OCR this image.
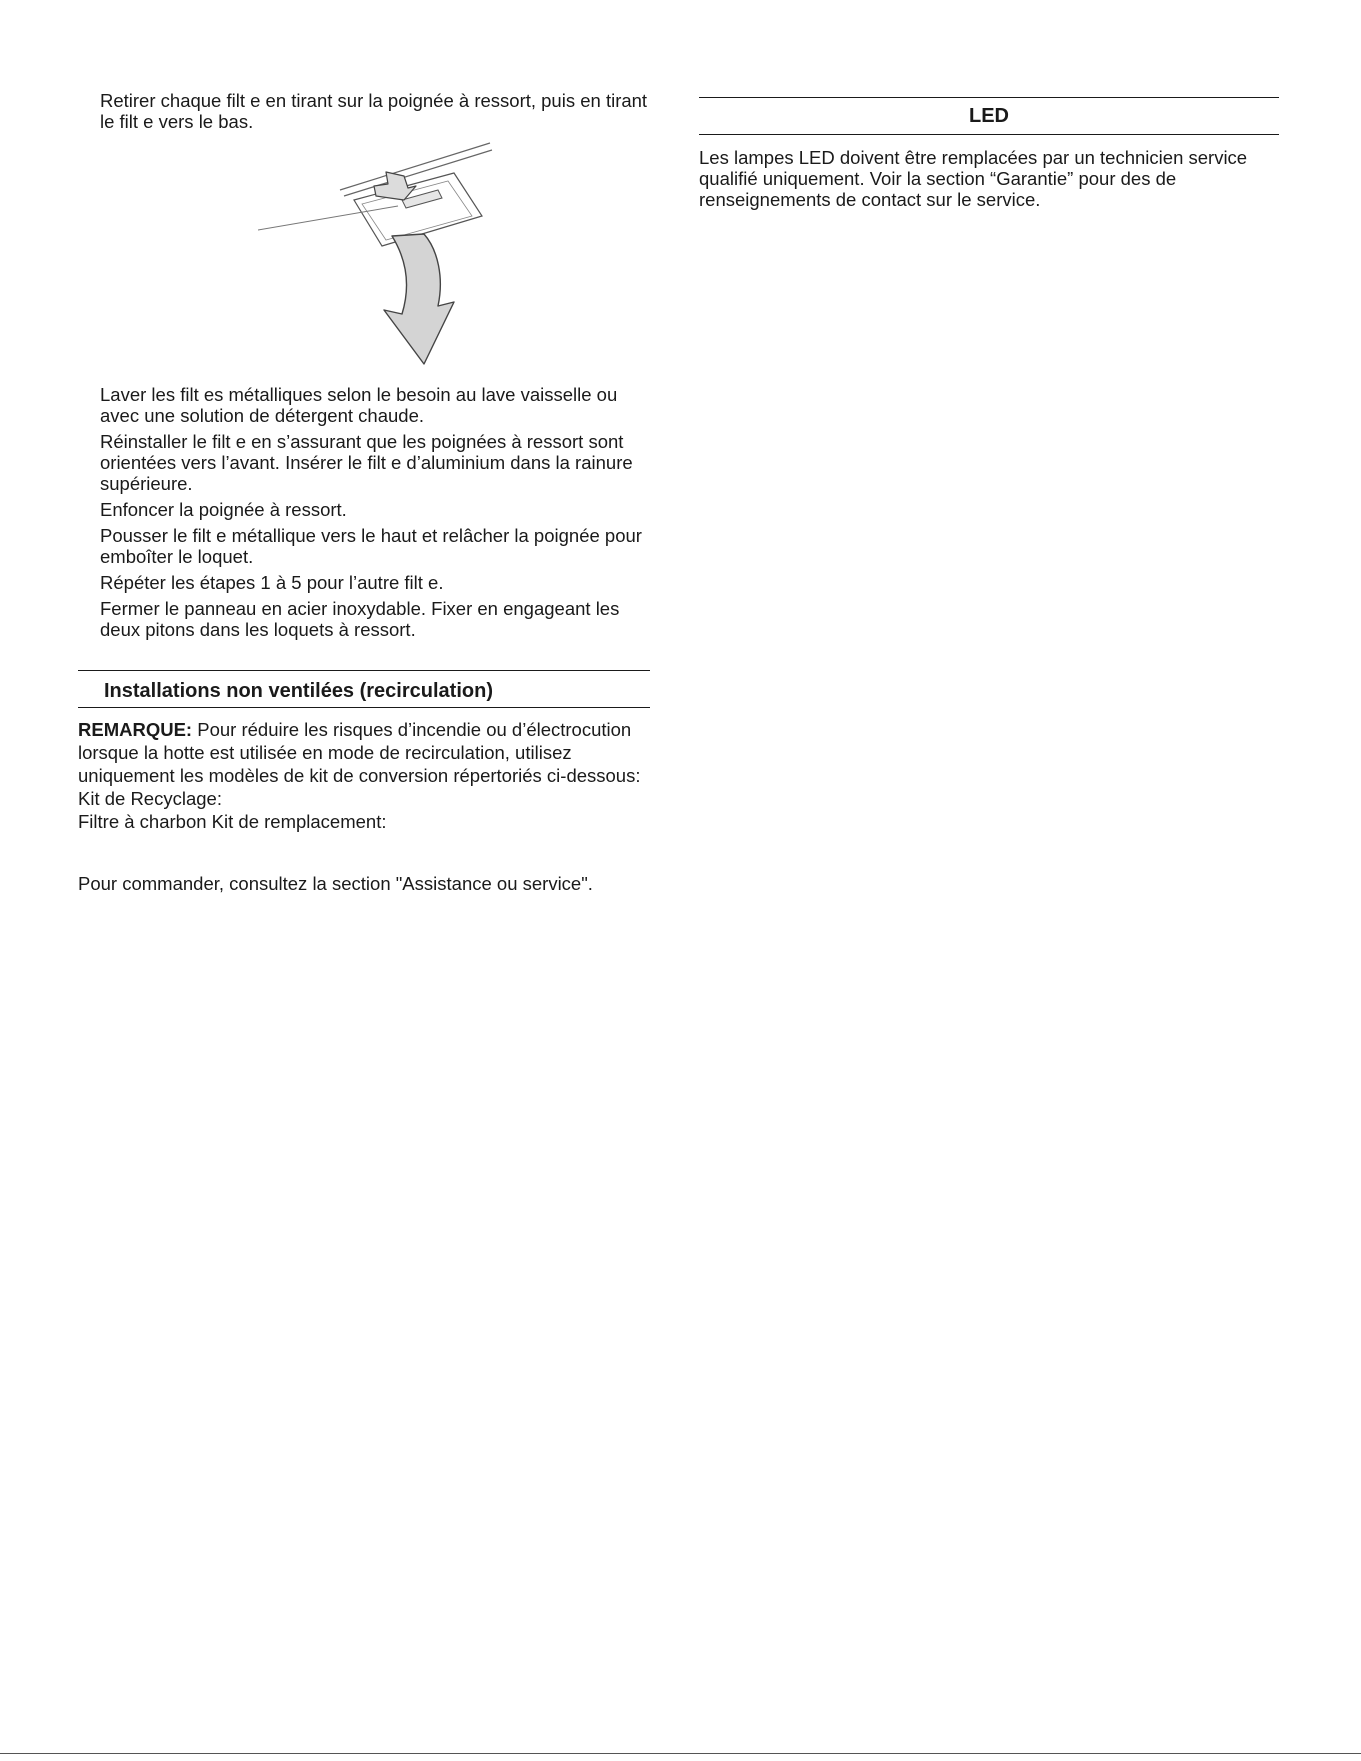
Retirer chaque filt e en tirant sur la poignée à ressort, puis en tirant le filt e vers le bas.

Laver les filt es métalliques selon le besoin au lave vaisselle ou avec une solution de détergent chaude.

Réinstaller le filt e en s’assurant que les poignées à ressort sont orientées vers l’avant. Insérer le filt e d’aluminium dans la rainure supérieure.

Enfoncer la poignée à ressort.

Pousser le filt e métallique vers le haut et relâcher la poignée pour emboîter le loquet.

Répéter les étapes 1 à 5 pour l’autre filt e.

Fermer le panneau en acier inoxydable. Fixer en engageant les deux pitons dans les loquets à ressort.

Installations non ventilées (recirculation)

REMARQUE: Pour réduire les risques d’incendie ou d’électrocution lorsque la hotte est utilisée en mode de recirculation, utilisez uniquement les modèles de kit de conversion répertoriés ci-dessous:

Kit de Recyclage:

Filtre à charbon Kit de remplacement:

Pour commander, consultez la section "Assistance ou service".

LED

Les lampes LED doivent être remplacées par un technicien service qualifié uniquement. Voir la section “Garantie” pour des de renseignements de contact sur le service.
